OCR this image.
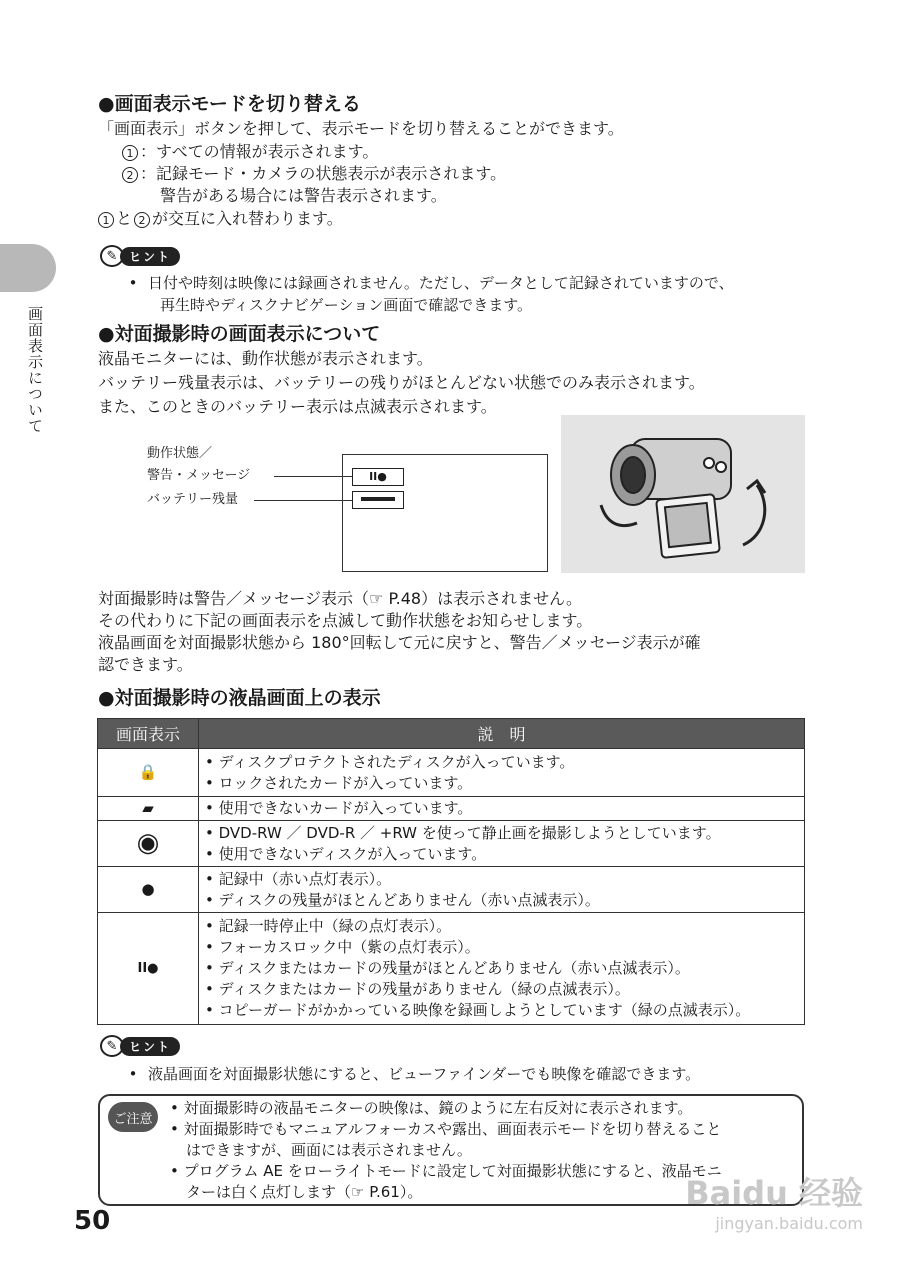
画面表示について
●画面表示モードを切り替える
「画面表示」ボタンを押して、表示モードを切り替えることができます。
1 ：すべての情報が表示されます。
2 ：記録モード・カメラの状態表示が表示されます。
警告がある場合には警告表示されます。
1 と 2 が交互に入れ替わります。
✎ ヒント
• 日付や時刻は映像には録画されません。ただし、データとして記録されていますので、
再生時やディスクナビゲーション画面で確認できます。
●対面撮影時の画面表示について
液晶モニターには、動作状態が表示されます。
バッテリー残量表示は、バッテリーの残りがほとんどない状態でのみ表示されます。
また、このときのバッテリー表示は点滅表示されます。
動作状態／
警告・メッセージ
バッテリー残量
II●
対面撮影時は警告／メッセージ表示（☞ P.48）は表示されません。
その代わりに下記の画面表示を点滅して動作状態をお知らせします。
液晶画面を対面撮影状態から 180°回転して元に戻すと、警告／メッセージ表示が確
認できます。
●対面撮影時の液晶画面上の表示
画面表示	説　明
🔒	• ディスクプロテクトされたディスクが入っています。
• ロックされたカードが入っています。

▰	• 使用できないカードが入っています。

◉	• DVD-RW ／ DVD-R ／ +RW を使って静止画を撮影しようとしています。
• 使用できないディスクが入っています。

●	• 記録中（赤い点灯表示）。
• ディスクの残量がほとんどありません（赤い点滅表示）。

II●	• 記録一時停止中（緑の点灯表示）。
• フォーカスロック中（紫の点灯表示）。
• ディスクまたはカードの残量がほとんどありません（赤い点滅表示）。
• ディスクまたはカードの残量がありません（緑の点滅表示）。
• コピーガードがかかっている映像を録画しようとしています（緑の点滅表示）。
✎ ヒント
• 液晶画面を対面撮影状態にすると、ビューファインダーでも映像を確認できます。
ご注意
• 対面撮影時の液晶モニターの映像は、鏡のように左右反対に表示されます。
• 対面撮影時でもマニュアルフォーカスや露出、画面表示モードを切り替えること
はできますが、画面には表示されません。
• プログラム AE をローライトモードに設定して対面撮影状態にすると、液晶モニ
ターは白く点灯します（☞ P.61）。
50
Baidu 经验
jingyan.baidu.com
